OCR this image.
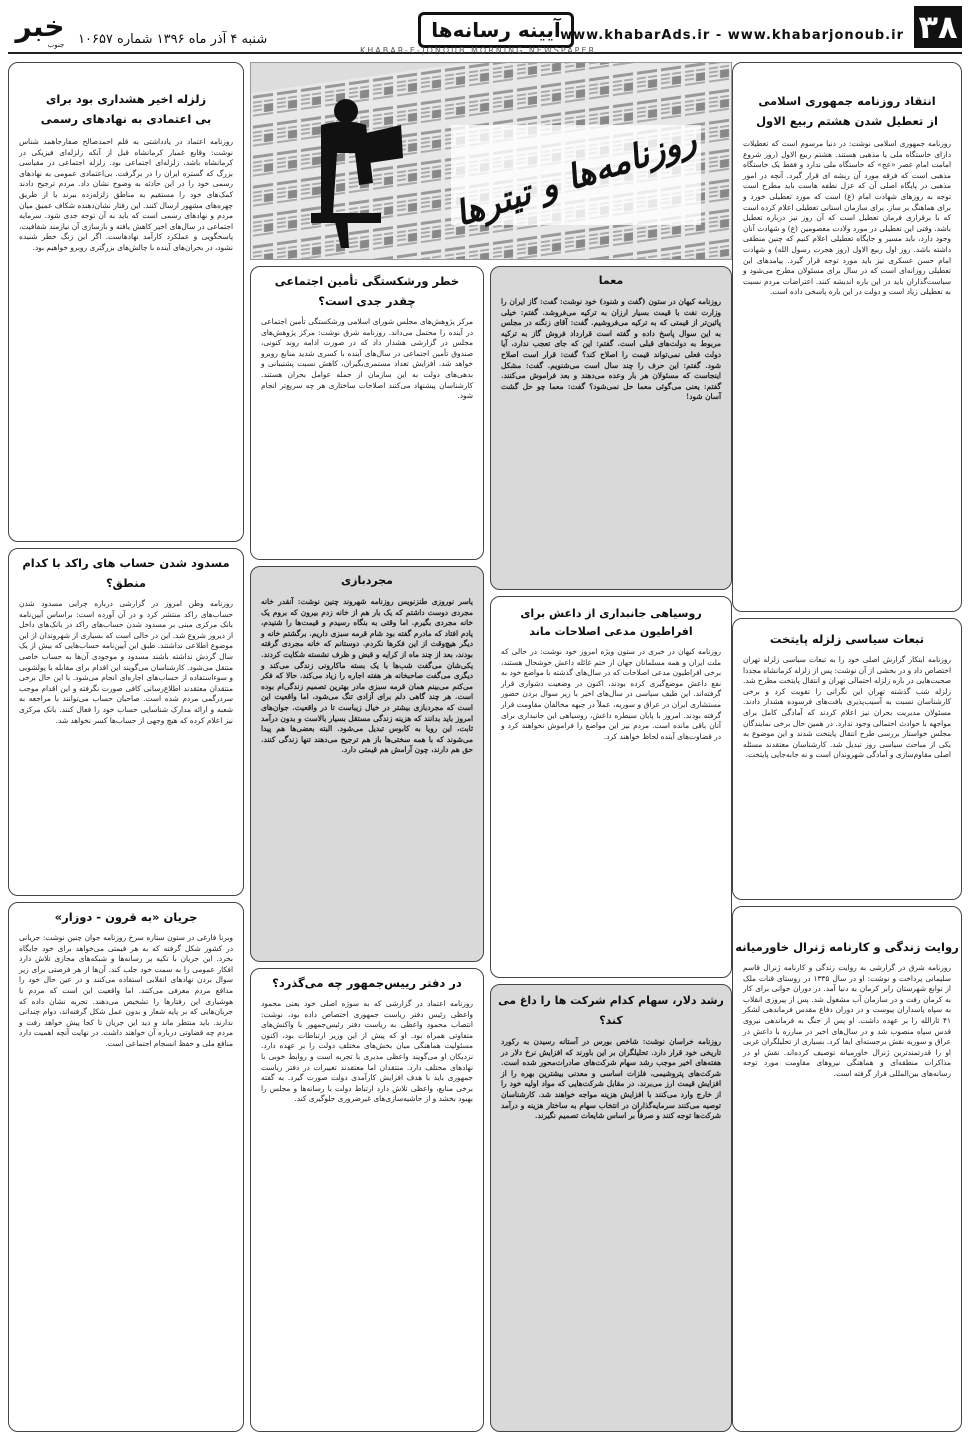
۳۸
www.khabarAds.ir - www.khabarjonoub.ir
آیینه رسانه‌ها
شنبه ۴ آذر ماه ۱۳۹۶ شماره ۱۰۶۵۷
خبر
جنوب
KHABAR-E-JONOUB MORNING NEWSPAPER
روزنامه‌ها و تیترها
انتقاد روزنامه جمهوری اسلامی
از تعطیل شدن هشتم ربیع الاول
روزنامه جمهوری اسلامی نوشت: در دنیا مرسوم است که تعطیلات دارای خاستگاه ملی یا مذهبی هستند. هشتم ربیع الاول (روز شروع امامت امام عصر «عج» که خاستگاه ملی ندارد و فقط یک خاستگاه مذهبی است که فرقه مورد آن ریشه ای قرار گیرد. آنچه در امور مذهبی در پایگاه اصلی آن که عزل نطفه هاست باید مطرح است توجه به روزهای شهادت امام (ع) است که مورد تعطیلی خورد و برای هماهنگ بر ساز. برای سازمان استانی تعطیلی اعلام کرده است که با برقراری فرمان تعطیل است که آن روز نیز درباره تعطیل باشد. وقتی این تعطیلی در مورد ولادت معصومین (ع) و شهادت آنان وجود دارد، باید مسیر و جایگاه تعطیلی اعلام کنیم که چنین منطقی داشته باشد. روز اول ربیع الاول (روز هجرت رسول الله) و شهادت امام حسن عسکری نیز باید مورد توجه قرار گیرد. پیامدهای این تعطیلی روزانه‌ای است که در سال برای مسئولان مطرح می‌شود و سیاست‌گذاران باید در این باره اندیشه کنند. اعتراضات مردم نسبت به تعطیلی زیاد است و دولت در این باره پاسخی داده است.
تبعات سیاسی زلزله پایتخت
روزنامه ابتکار گزارش اصلی خود را به تبعات سیاسی زلزله تهران اختصاص داد و در بخشی از آن نوشت: پس از زلزله کرمانشاه مجددا صحبت‌هایی در باره زلزله احتمالی تهران و انتقال پایتخت مطرح شد. زلزله شب گذشته تهران این نگرانی را تقویت کرد و برخی کارشناسان نسبت به آسیب‌پذیری بافت‌های فرسوده هشدار دادند. مسئولان مدیریت بحران نیز اعلام کردند که آمادگی کامل برای مواجهه با حوادث احتمالی وجود ندارد. در همین حال برخی نمایندگان مجلس خواستار بررسی طرح انتقال پایتخت شدند و این موضوع به یکی از مباحث سیاسی روز تبدیل شد. کارشناسان معتقدند مسئله اصلی مقاوم‌سازی و آمادگی شهروندان است و نه جابه‌جایی پایتخت.
روایت زندگی و کارنامه ژنرال خاورمیانه
روزنامه شرق در گزارشی به روایت زندگی و کارنامه ژنرال قاسم سلیمانی پرداخت و نوشت: او در سال ۱۳۳۵ در روستای قنات ملک از توابع شهرستان رابر کرمان به دنیا آمد. در دوران جوانی برای کار به کرمان رفت و در سازمان آب مشغول شد. پس از پیروزی انقلاب به سپاه پاسداران پیوست و در دوران دفاع مقدس فرماندهی لشکر ۴۱ ثارالله را بر عهده داشت. او پس از جنگ به فرماندهی نیروی قدس سپاه منصوب شد و در سال‌های اخیر در مبارزه با داعش در عراق و سوریه نقش برجسته‌ای ایفا کرد. بسیاری از تحلیلگران غربی او را قدرتمندترین ژنرال خاورمیانه توصیف کرده‌اند. نقش او در مذاکرات منطقه‌ای و هماهنگی نیروهای مقاومت مورد توجه رسانه‌های بین‌المللی قرار گرفته است.
معما
روزنامه کیهان در ستون (گفت و شنود) خود نوشت: گفت: گاز ایران را وزارت نفت با قیمت بسیار ارزان به ترکیه می‌فروشد. گفتم: خیلی پائین‌تر از قیمتی که به ترکیه می‌فروشیم. گفت: آقای زنگنه در مجلس به این سوال پاسخ داده و گفته است قرارداد فروش گاز به ترکیه مربوط به دولت‌های قبلی است. گفتم: این که جای تعجب ندارد، آیا دولت فعلی نمی‌تواند قیمت را اصلاح کند؟ گفت: قرار است اصلاح شود. گفتم: این حرف را چند سال است می‌شنویم. گفت: مشکل اینجاست که مسئولان هر بار وعده می‌دهند و بعد فراموش می‌کنند. گفتم: یعنی می‌گوئی معما حل نمی‌شود؟ گفت: معما چو حل گشت آسان شود!
روسیاهی جانبداری از داعش برای افراطیون مدعی اصلاحات ماند
روزنامه کیهان در خبری در ستون ویژه امروز خود نوشت: در حالی که ملت ایران و همه مسلمانان جهان از ختم غائله داعش خوشحال هستند، برخی افراطیون مدعی اصلاحات که در سال‌های گذشته با مواضع خود به نفع داعش موضع‌گیری کرده بودند، اکنون در وضعیت دشواری قرار گرفته‌اند. این طیف سیاسی در سال‌های اخیر با زیر سوال بردن حضور مستشاری ایران در عراق و سوریه، عملاً در جبهه مخالفان مقاومت قرار گرفته بودند. امروز با پایان سیطره داعش، روسیاهی این جانبداری برای آنان باقی مانده است. مردم نیز این مواضع را فراموش نخواهند کرد و در قضاوت‌های آینده لحاظ خواهند کرد.
رشد دلار، سهام کدام شرکت ها را داغ می کند؟
روزنامه خراسان نوشت: شاخص بورس در آستانه رسیدن به رکورد تاریخی خود قرار دارد. تحلیلگران بر این باورند که افزایش نرخ دلار در هفته‌های اخیر موجب رشد سهام شرکت‌های صادرات‌محور شده است. شرکت‌های پتروشیمی، فلزات اساسی و معدنی بیشترین بهره را از افزایش قیمت ارز می‌برند. در مقابل شرکت‌هایی که مواد اولیه خود را از خارج وارد می‌کنند با افزایش هزینه مواجه خواهند شد. کارشناسان توصیه می‌کنند سرمایه‌گذاران در انتخاب سهام به ساختار هزینه و درآمد شرکت‌ها توجه کنند و صرفاً بر اساس شایعات تصمیم نگیرند.
خطر ورشکستگی تأمین اجتماعی
چقدر جدی است؟
مرکز پژوهش‌های مجلس شورای اسلامی ورشکستگی تأمین اجتماعی در آینده را محتمل می‌داند. روزنامه شرق نوشت: مرکز پژوهش‌های مجلس در گزارشی هشدار داد که در صورت ادامه روند کنونی، صندوق تأمین اجتماعی در سال‌های آینده با کسری شدید منابع روبرو خواهد شد. افزایش تعداد مستمری‌بگیران، کاهش نسبت پشتیبانی و بدهی‌های دولت به این سازمان از جمله عوامل بحران هستند. کارشناسان پیشنهاد می‌کنند اصلاحات ساختاری هر چه سریع‌تر انجام شود.
مجردبازی
یاسر نوروزی طنزنویس روزنامه شهروند چنین نوشت: آنقدر خانه مجردی دوست داشتم که یک بار هم از خانه زدم بیرون که بروم یک خانه مجردی بگیرم. اما وقتی به بنگاه رسیدم و قیمت‌ها را شنیدم، یادم افتاد که مادرم گفته بود شام قرمه سبزی داریم. برگشتم خانه و دیگر هیچ‌وقت از این فکرها نکردم. دوستانم که خانه مجردی گرفته بودند، بعد از چند ماه از کرایه و قبض و ظرف نشسته شکایت کردند. یکی‌شان می‌گفت شب‌ها با یک بسته ماکارونی زندگی می‌کند و دیگری می‌گفت صاحبخانه هر هفته اجاره را زیاد می‌کند. حالا که فکر می‌کنم می‌بینم همان قرمه سبزی مادر بهترین تصمیم زندگی‌ام بوده است. هر چند گاهی دلم برای آزادی تنگ می‌شود، اما واقعیت این است که مجردبازی بیشتر در خیال زیباست تا در واقعیت. جوان‌های امروز باید بدانند که هزینه زندگی مستقل بسیار بالاست و بدون درآمد ثابت، این رویا به کابوس تبدیل می‌شود. البته بعضی‌ها هم پیدا می‌شوند که با همه سختی‌ها باز هم ترجیح می‌دهند تنها زندگی کنند. حق هم دارند، چون آرامش هم قیمتی دارد.
در دفتر رییس‌جمهور چه می‌گذرد؟
روزنامه اعتماد در گزارشی که به سوژه اصلی خود یعنی محمود واعظی رئیس دفتر ریاست جمهوری اختصاص داده بود، نوشت: انتصاب محمود واعظی به ریاست دفتر رئیس‌جمهور با واکنش‌های متفاوتی همراه بود. او که پیش از این وزیر ارتباطات بود، اکنون مسئولیت هماهنگی میان بخش‌های مختلف دولت را بر عهده دارد. نزدیکان او می‌گویند واعظی مدیری با تجربه است و روابط خوبی با نهادهای مختلف دارد. منتقدان اما معتقدند تغییرات در دفتر ریاست جمهوری باید با هدف افزایش کارآمدی دولت صورت گیرد. به گفته برخی منابع، واعظی تلاش دارد ارتباط دولت با رسانه‌ها و مجلس را بهبود بخشد و از حاشیه‌سازی‌های غیرضروری جلوگیری کند.
زلزله اخیر هشداری بود برای
بی اعتمادی به نهادهای رسمی
روزنامه اعتماد در یادداشتی به قلم احمدصالح صفارجاهمد شناس نوشت: وقایع غمبار کرمانشاه قبل از آنکه زلزله‌ای فیزیکی در کرمانشاه باشد، زلزله‌ای اجتماعی بود. زلزله اجتماعی در مقیاسی بزرگ که گستره ایران را در برگرفت. بی‌اعتمادی عمومی به نهادهای رسمی خود را در این حادثه به وضوح نشان داد. مردم ترجیح دادند کمک‌های خود را مستقیم به مناطق زلزله‌زده ببرند یا از طریق چهره‌های مشهور ارسال کنند. این رفتار نشان‌دهنده شکاف عمیق میان مردم و نهادهای رسمی است که باید به آن توجه جدی شود. سرمایه اجتماعی در سال‌های اخیر کاهش یافته و بازسازی آن نیازمند شفافیت، پاسخگویی و عملکرد کارآمد نهادهاست. اگر این زنگ خطر شنیده نشود، در بحران‌های آینده با چالش‌های بزرگتری روبرو خواهیم بود.
مسدود شدن حساب های راکد با کدام منطق؟
روزنامه وطن امروز در گزارشی درباره چرایی مسدود شدن حساب‌های راکد منتشر کرد و در آن آورده است: براساس آیین‌نامه بانک مرکزی مبنی بر مسدود شدن حساب‌های راکد در بانک‌های داخل از دیروز شروع شد. این در حالی است که بسیاری از شهروندان از این موضوع اطلاعی نداشتند. طبق این آیین‌نامه حساب‌هایی که بیش از یک سال گردش نداشته باشند مسدود و موجودی آن‌ها به حساب خاصی منتقل می‌شود. کارشناسان می‌گویند این اقدام برای مقابله با پولشویی و سوءاستفاده از حساب‌های اجاره‌ای انجام می‌شود. با این حال برخی منتقدان معتقدند اطلاع‌رسانی کافی صورت نگرفته و این اقدام موجب سردرگمی مردم شده است. صاحبان حساب می‌توانند با مراجعه به شعبه و ارائه مدارک شناسایی حساب خود را فعال کنند. بانک مرکزی نیز اعلام کرده که هیچ وجهی از حساب‌ها کسر نخواهد شد.
جریان «به قرون - دوزار»
وبرنا فارغی در ستون ستاره سرخ روزنامه جوان چنین نوشت: جریانی در کشور شکل گرفته که به هر قیمتی می‌خواهد برای خود جایگاه بخرد. این جریان با تکیه بر رسانه‌ها و شبکه‌های مجازی تلاش دارد افکار عمومی را به سمت خود جلب کند. آن‌ها از هر فرصتی برای زیر سوال بردن نهادهای انقلابی استفاده می‌کنند و در عین حال خود را مدافع مردم معرفی می‌کنند. اما واقعیت این است که مردم با هوشیاری این رفتارها را تشخیص می‌دهند. تجربه نشان داده که جریان‌هایی که بر پایه شعار و بدون عمل شکل گرفته‌اند، دوام چندانی ندارند. باید منتظر ماند و دید این جریان تا کجا پیش خواهد رفت و مردم چه قضاوتی درباره آن خواهند داشت. در نهایت آنچه اهمیت دارد منافع ملی و حفظ انسجام اجتماعی است.
